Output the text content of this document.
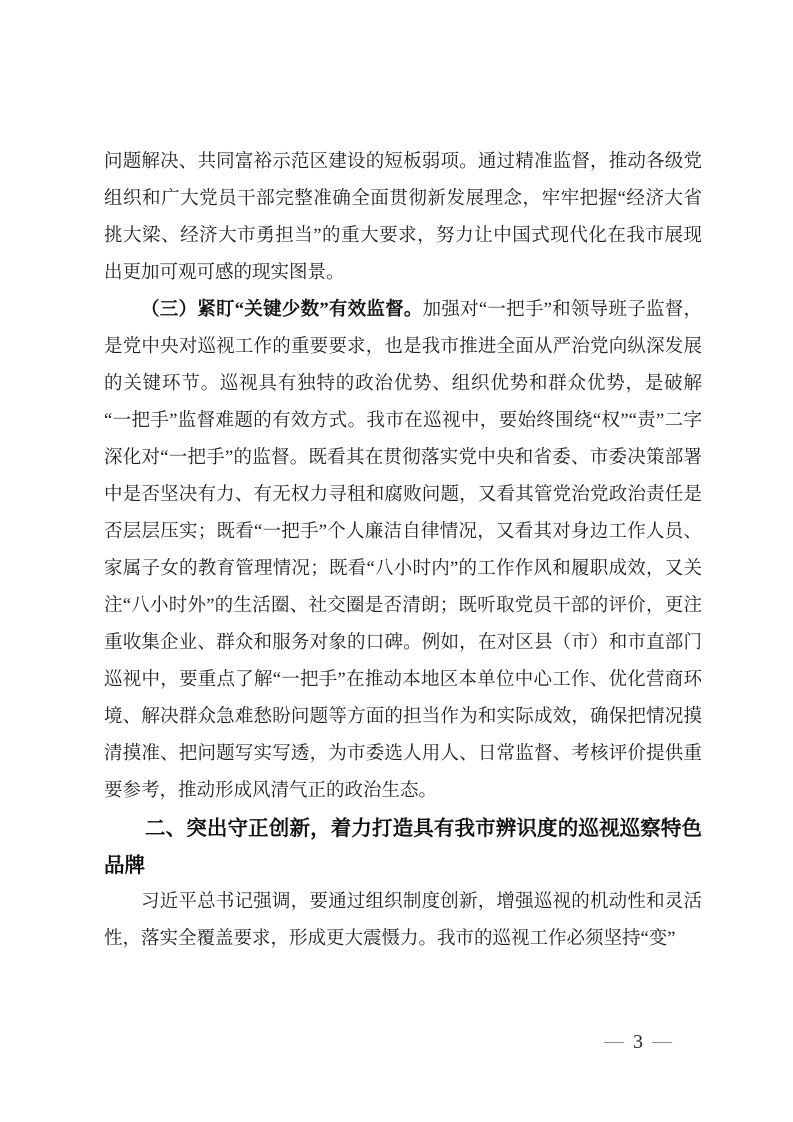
问题解决、共同富裕示范区建设的短板弱项。通过精准监督，推动各级党组织和广大党员干部完整准确全面贯彻新发展理念，牢牢把握“经济大省挑大梁、经济大市勇担当”的重大要求，努力让中国式现代化在我市展现出更加可观可感的现实图景。

（三）紧盯“关键少数”有效监督。加强对“一把手”和领导班子监督，是党中央对巡视工作的重要要求，也是我市推进全面从严治党向纵深发展的关键环节。巡视具有独特的政治优势、组织优势和群众优势，是破解“一把手”监督难题的有效方式。我市在巡视中，要始终围绕“权”“责”二字深化对“一把手”的监督。既看其在贯彻落实党中央和省委、市委决策部署中是否坚决有力、有无权力寻租和腐败问题，又看其管党治党政治责任是否层层压实；既看“一把手”个人廉洁自律情况，又看其对身边工作人员、家属子女的教育管理情况；既看“八小时内”的工作作风和履职成效，又关注“八小时外”的生活圈、社交圈是否清朗；既听取党员干部的评价，更注重收集企业、群众和服务对象的口碑。例如，在对区县（市）和市直部门巡视中，要重点了解“一把手”在推动本地区本单位中心工作、优化营商环境、解决群众急难愁盼问题等方面的担当作为和实际成效，确保把情况摸清摸准、把问题写实写透，为市委选人用人、日常监督、考核评价提供重要参考，推动形成风清气正的政治生态。

二、突出守正创新，着力打造具有我市辨识度的巡视巡察特色品牌

习近平总书记强调，要通过组织制度创新，增强巡视的机动性和灵活性，落实全覆盖要求，形成更大震慑力。我市的巡视工作必须坚持“变”

— 3 —
